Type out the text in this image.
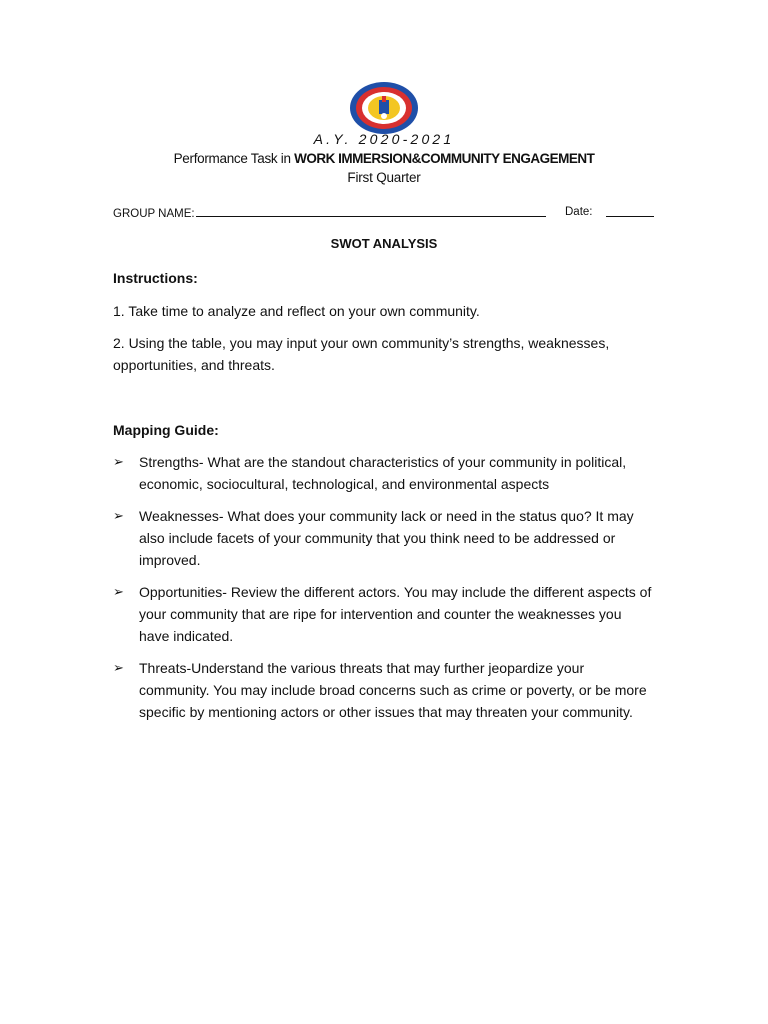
A.Y. 2020-2021
Performance Task in WORK IMMERSION&COMMUNITY ENGAGEMENT
First Quarter
GROUP NAME:	Date:
SWOT ANALYSIS
Instructions:
1. Take time to analyze and reflect on your own community.
2. Using the table, you may input your own community’s strengths, weaknesses, opportunities, and threats.
Mapping Guide:
➢ Strengths- What are the standout characteristics of your community in political, economic, sociocultural, technological, and environmental aspects
➢ Weaknesses- What does your community lack or need in the status quo? It may also include facets of your community that you think need to be addressed or improved.
➢ Opportunities- Review the different actors. You may include the different aspects of your community that are ripe for intervention and counter the weaknesses you have indicated.
➢ Threats-Understand the various threats that may further jeopardize your community. You may include broad concerns such as crime or poverty, or be more specific by mentioning actors or other issues that may threaten your community.
